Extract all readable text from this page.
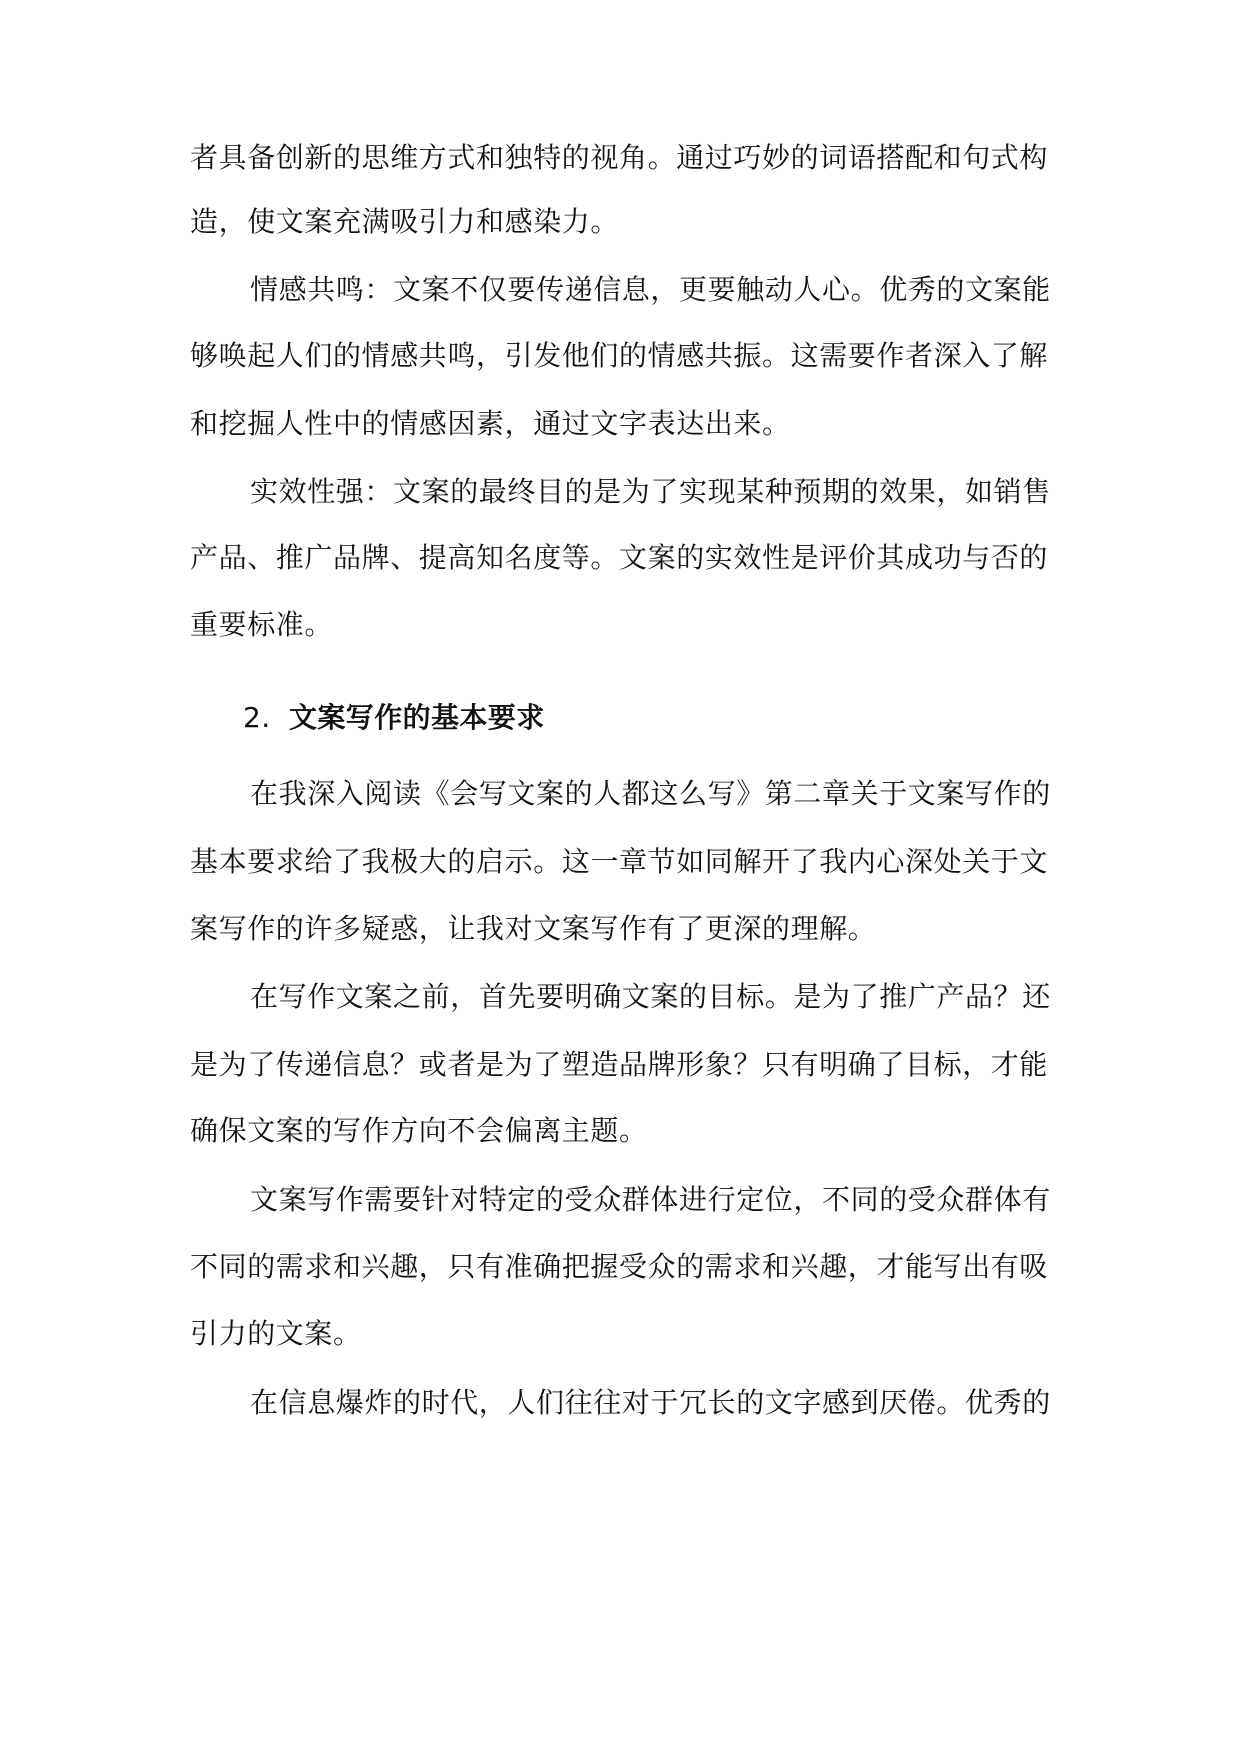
者具备创新的思维方式和独特的视角。通过巧妙的词语搭配和句式构
造，使文案充满吸引力和感染力。
情感共鸣：文案不仅要传递信息，更要触动人心。优秀的文案能
够唤起人们的情感共鸣，引发他们的情感共振。这需要作者深入了解
和挖掘人性中的情感因素，通过文字表达出来。
实效性强：文案的最终目的是为了实现某种预期的效果，如销售
产品、推广品牌、提高知名度等。文案的实效性是评价其成功与否的
重要标准。
2. 文案写作的基本要求
在我深入阅读《会写文案的人都这么写》第二章关于文案写作的
基本要求给了我极大的启示。这一章节如同解开了我内心深处关于文
案写作的许多疑惑，让我对文案写作有了更深的理解。
在写作文案之前，首先要明确文案的目标。是为了推广产品？还
是为了传递信息？或者是为了塑造品牌形象？只有明确了目标，才能
确保文案的写作方向不会偏离主题。
文案写作需要针对特定的受众群体进行定位，不同的受众群体有
不同的需求和兴趣，只有准确把握受众的需求和兴趣，才能写出有吸
引力的文案。
在信息爆炸的时代，人们往往对于冗长的文字感到厌倦。优秀的
